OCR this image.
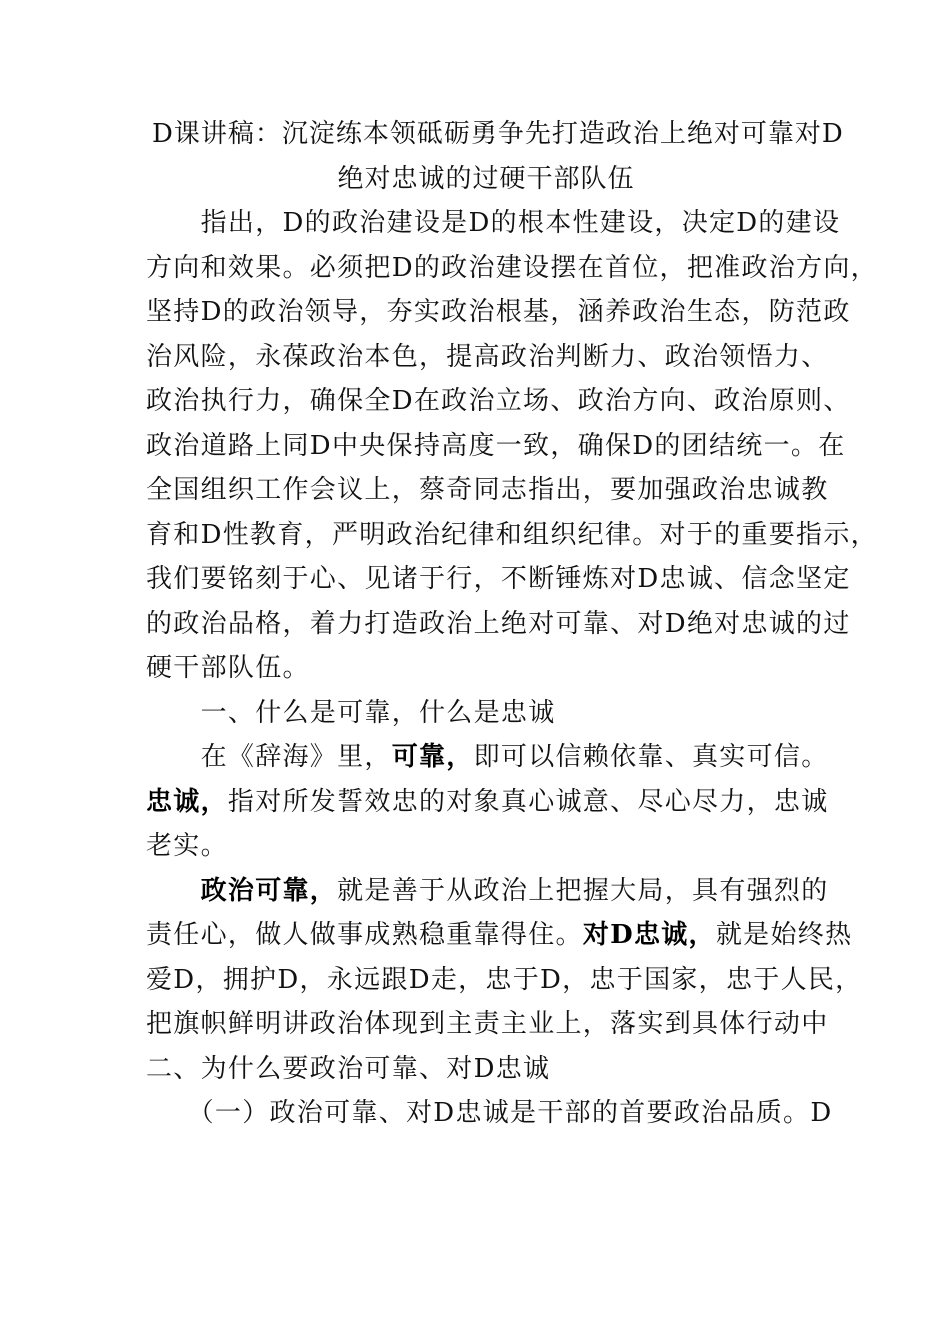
D课讲稿：沉淀练本领砥砺勇争先打造政治上绝对可靠对D
绝对忠诚的过硬干部队伍
　　指出，D的政治建设是D的根本性建设，决定D的建设
方向和效果。必须把D的政治建设摆在首位，把准政治方向，
坚持D的政治领导，夯实政治根基，涵养政治生态，防范政
治风险，永葆政治本色，提高政治判断力、政治领悟力、
政治执行力，确保全D在政治立场、政治方向、政治原则、
政治道路上同D中央保持高度一致，确保D的团结统一。在
全国组织工作会议上，蔡奇同志指出，要加强政治忠诚教
育和D性教育，严明政治纪律和组织纪律。对于的重要指示，
我们要铭刻于心、见诸于行，不断锤炼对D忠诚、信念坚定
的政治品格，着力打造政治上绝对可靠、对D绝对忠诚的过
硬干部队伍。
　　一、什么是可靠，什么是忠诚
　　在《辞海》里，可靠，即可以信赖依靠、真实可信。
忠诚，指对所发誓效忠的对象真心诚意、尽心尽力，忠诚
老实。
　　政治可靠，就是善于从政治上把握大局，具有强烈的
责任心，做人做事成熟稳重靠得住。对D忠诚，就是始终热
爱D，拥护D，永远跟D走，忠于D，忠于国家，忠于人民，
把旗帜鲜明讲政治体现到主责主业上，落实到具体行动中
二、为什么要政治可靠、对D忠诚
　　（一）政治可靠、对D忠诚是干部的首要政治品质。D
